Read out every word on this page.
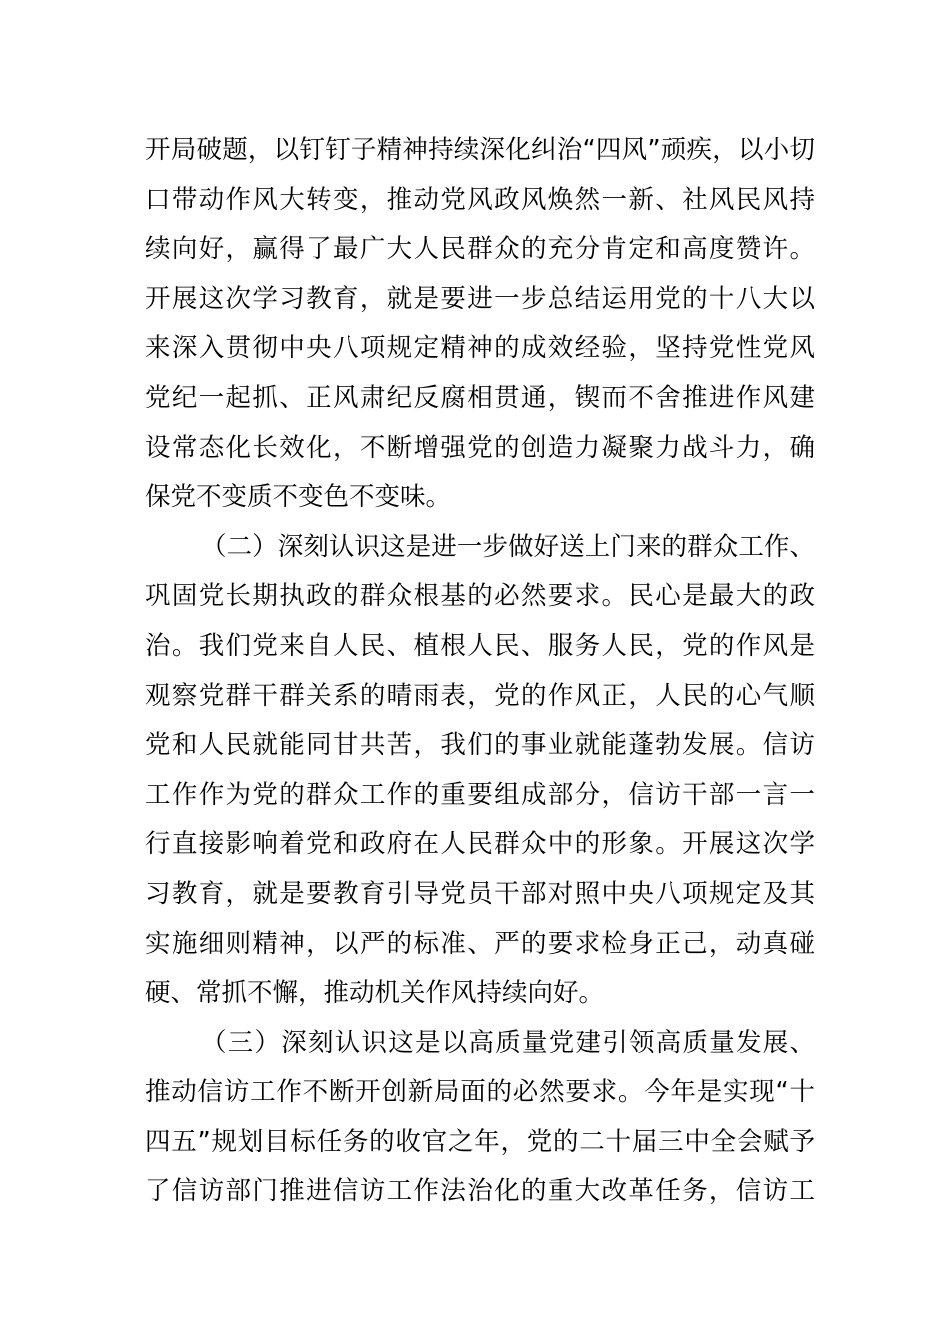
开局破题，以钉钉子精神持续深化纠治“四风”顽疾，以小切
口带动作风大转变，推动党风政风焕然一新、社风民风持
续向好，赢得了最广大人民群众的充分肯定和高度赞许。
开展这次学习教育，就是要进一步总结运用党的十八大以
来深入贯彻中央八项规定精神的成效经验，坚持党性党风
党纪一起抓、正风肃纪反腐相贯通，锲而不舍推进作风建
设常态化长效化，不断增强党的创造力凝聚力战斗力，确
保党不变质不变色不变味。
（二）深刻认识这是进一步做好送上门来的群众工作、
巩固党长期执政的群众根基的必然要求。民心是最大的政
治。我们党来自人民、植根人民、服务人民，党的作风是
观察党群干群关系的晴雨表，党的作风正，人民的心气顺
党和人民就能同甘共苦，我们的事业就能蓬勃发展。信访
工作作为党的群众工作的重要组成部分，信访干部一言一
行直接影响着党和政府在人民群众中的形象。开展这次学
习教育，就是要教育引导党员干部对照中央八项规定及其
实施细则精神，以严的标准、严的要求检身正己，动真碰
硬、常抓不懈，推动机关作风持续向好。
（三）深刻认识这是以高质量党建引领高质量发展、
推动信访工作不断开创新局面的必然要求。今年是实现“十
四五”规划目标任务的收官之年，党的二十届三中全会赋予
了信访部门推进信访工作法治化的重大改革任务，信访工
